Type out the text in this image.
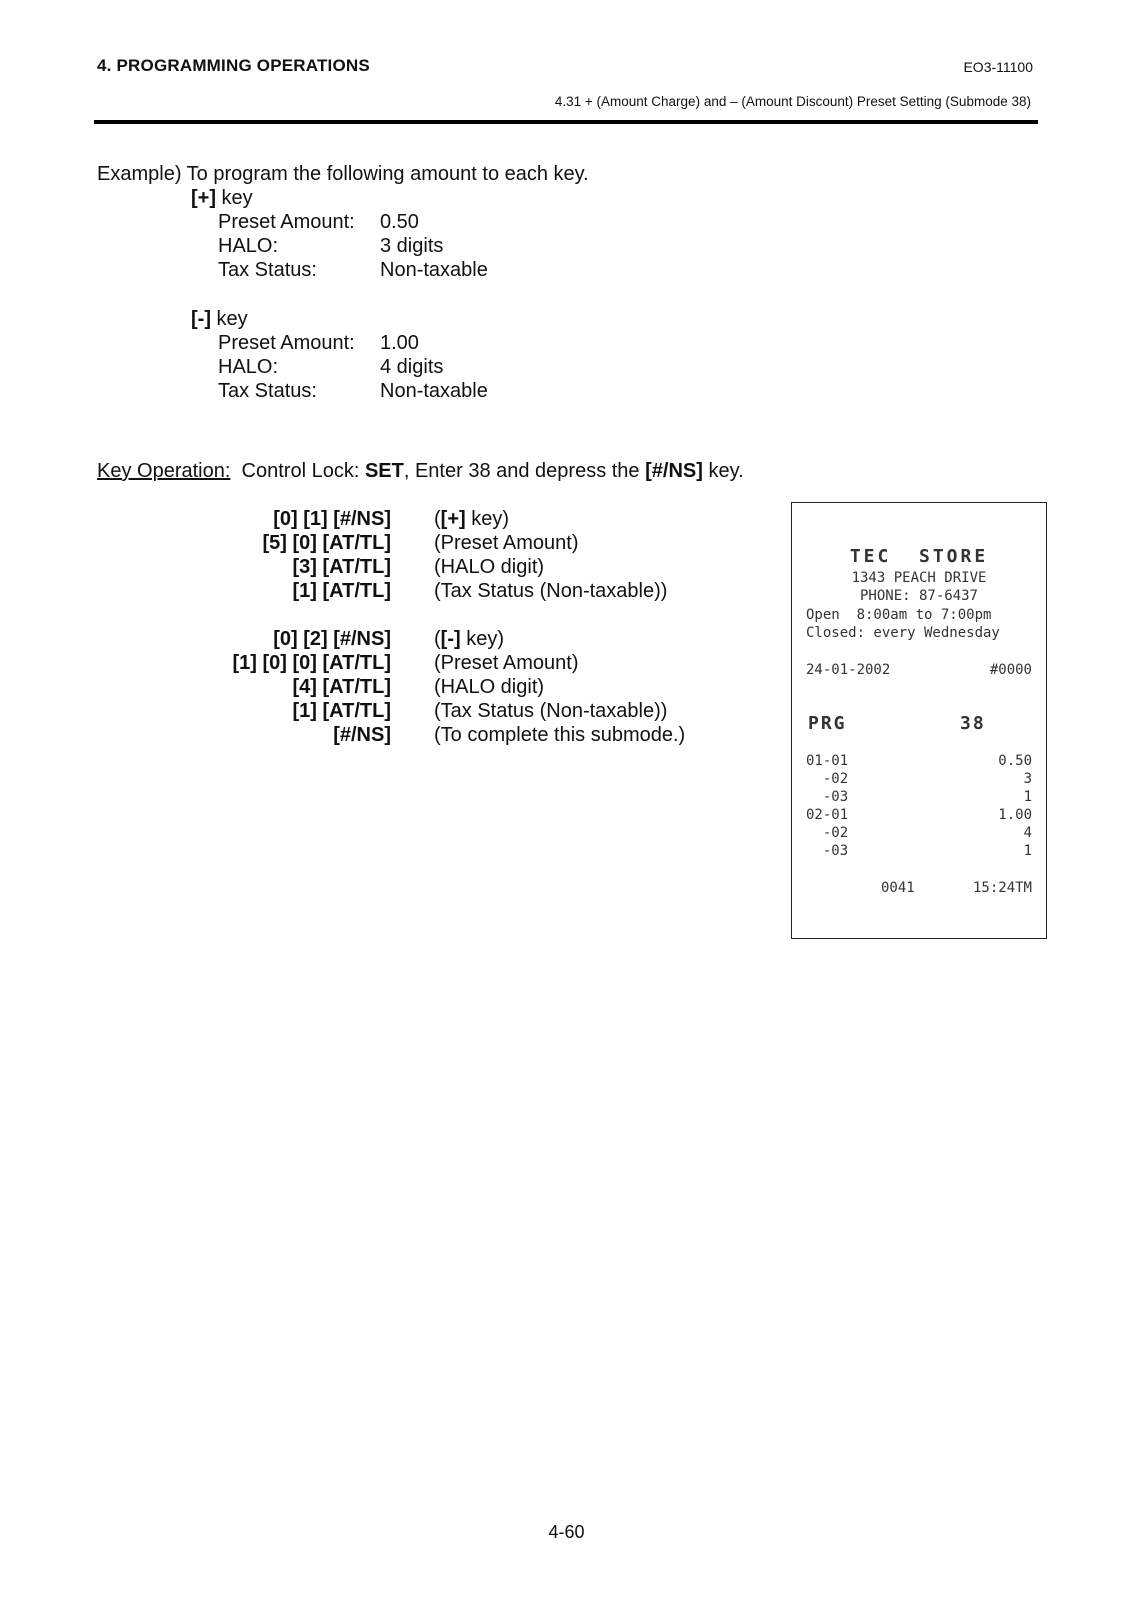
4. PROGRAMMING OPERATIONS	EO3-11100
4.31 + (Amount Charge) and – (Amount Discount) Preset Setting (Submode 38)
Example) To program the following amount to each key.
[+] key
Preset Amount: 0.50
HALO:	3 digits
Tax Status:	Non-taxable
[-] key
Preset Amount: 1.00
HALO:	4 digits
Tax Status:	Non-taxable
Key Operation: Control Lock: SET, Enter 38 and depress the [#/NS] key.
[0] [1] [#/NS] ([+] key)
[5] [0] [AT/TL] (Preset Amount)
[3] [AT/TL] (HALO digit)
[1] [AT/TL] (Tax Status (Non-taxable))
[0] [2] [#/NS] ([-] key)
[1] [0] [0] [AT/TL] (Preset Amount)
[4] [AT/TL] (HALO digit)
[1] [AT/TL] (Tax Status (Non-taxable))
[#/NS] (To complete this submode.)
TEC  STORE
1343 PEACH DRIVE
PHONE: 87-6437
Open  8:00am to 7:00pm
Closed: every Wednesday
24-01-2002	#0000
PRG	38
01-01	0.50
-02	3
-03	1
02-01	1.00
-02	4
-03	1
0041	15:24TM
4-60
